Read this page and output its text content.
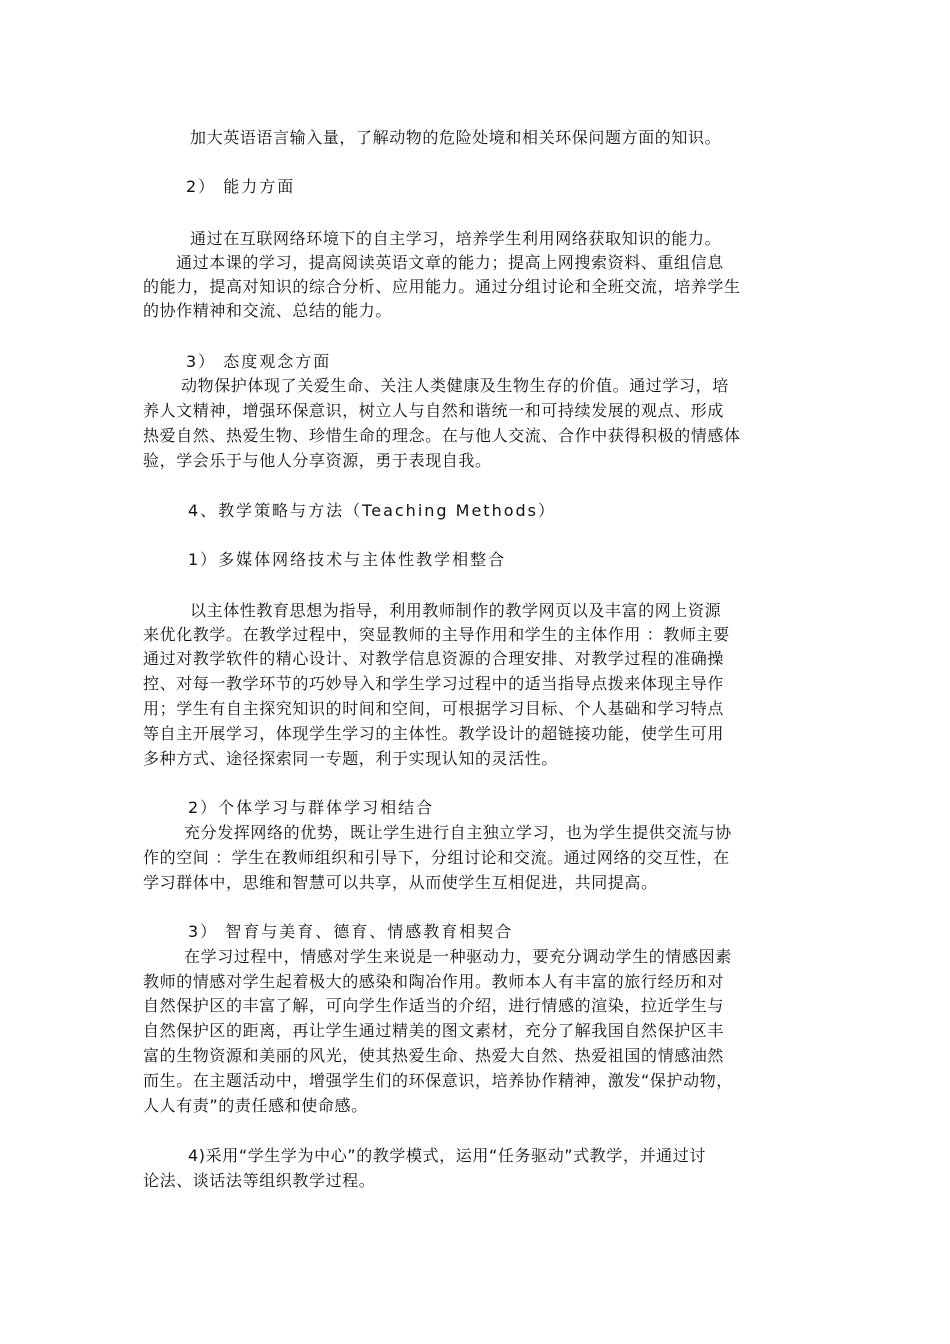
加大英语语言输入量，了解动物的危险处境和相关环保问题方面的知识。
2） 能力方面
通过在互联网络环境下的自主学习，培养学生利用网络获取知识的能力。
通过本课的学习，提高阅读英语文章的能力；提高上网搜索资料、重组信息
的能力，提高对知识的综合分析、应用能力。通过分组讨论和全班交流，培养学生
的协作精神和交流、总结的能力。
3） 态度观念方面
动物保护体现了关爱生命、关注人类健康及生物生存的价值。通过学习，培
养人文精神，增强环保意识，树立人与自然和谐统一和可持续发展的观点、形成
热爱自然、热爱生物、珍惜生命的理念。在与他人交流、合作中获得积极的情感体
验，学会乐于与他人分享资源，勇于表现自我。
4、教学策略与方法（Teaching Methods）
1）多媒体网络技术与主体性教学相整合
以主体性教育思想为指导，利用教师制作的教学网页以及丰富的网上资源
来优化教学。在教学过程中，突显教师的主导作用和学生的主体作用 ：教师主要
通过对教学软件的精心设计、对教学信息资源的合理安排、对教学过程的准确操
控、对每一教学环节的巧妙导入和学生学习过程中的适当指导点拨来体现主导作
用；学生有自主探究知识的时间和空间，可根据学习目标、个人基础和学习特点
等自主开展学习，体现学生学习的主体性。教学设计的超链接功能，使学生可用
多种方式、途径探索同一专题，利于实现认知的灵活性。
2）个体学习与群体学习相结合
充分发挥网络的优势，既让学生进行自主独立学习，也为学生提供交流与协
作的空间 ：学生在教师组织和引导下，分组讨论和交流。通过网络的交互性，在
学习群体中，思维和智慧可以共享，从而使学生互相促进，共同提高。
3） 智育与美育、德育、情感教育相契合
在学习过程中，情感对学生来说是一种驱动力，要充分调动学生的情感因素
教师的情感对学生起着极大的感染和陶冶作用。教师本人有丰富的旅行经历和对
自然保护区的丰富了解，可向学生作适当的介绍，进行情感的渲染，拉近学生与
自然保护区的距离，再让学生通过精美的图文素材，充分了解我国自然保护区丰
富的生物资源和美丽的风光，使其热爱生命、热爱大自然、热爱祖国的情感油然
而生。在主题活动中，增强学生们的环保意识，培养协作精神，激发“保护动物，
人人有责”的责任感和使命感。
4)采用“学生学为中心”的教学模式，运用“任务驱动”式教学，并通过讨
论法、谈话法等组织教学过程。
